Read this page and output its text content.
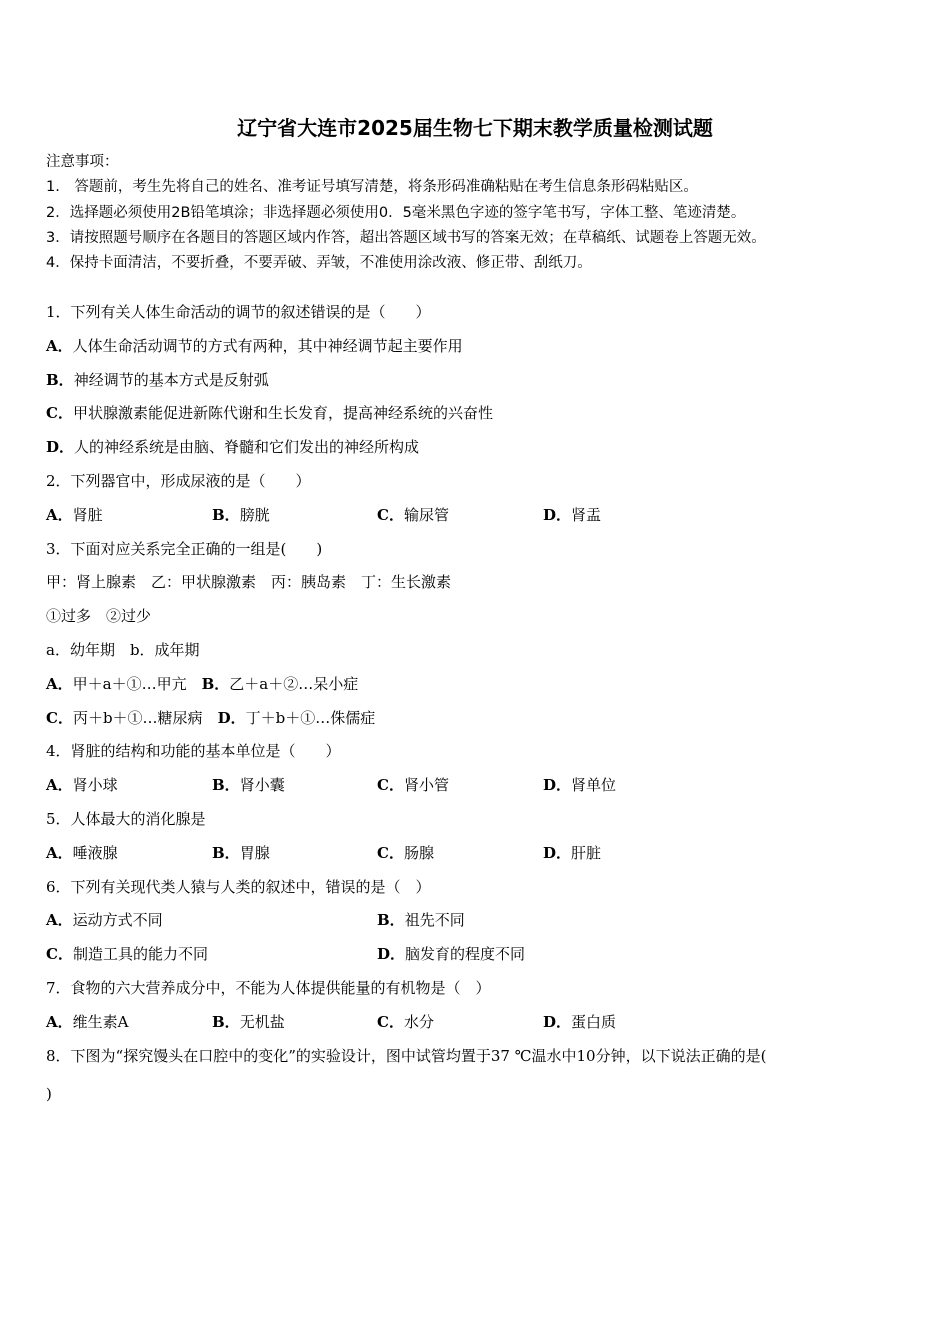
辽宁省大连市2025届生物七下期末教学质量检测试题
注意事项：
1.　答题前，考生先将自己的姓名、准考证号填写清楚，将条形码准确粘贴在考生信息条形码粘贴区。
2．选择题必须使用2B铅笔填涂；非选择题必须使用0．5毫米黑色字迹的签字笔书写，字体工整、笔迹清楚。
3．请按照题号顺序在各题目的答题区域内作答，超出答题区域书写的答案无效；在草稿纸、试题卷上答题无效。
4．保持卡面清洁，不要折叠，不要弄破、弄皱，不准使用涂改液、修正带、刮纸刀。
1．下列有关人体生命活动的调节的叙述错误的是（　　）
A．人体生命活动调节的方式有两种，其中神经调节起主要作用
B．神经调节的基本方式是反射弧
C．甲状腺激素能促进新陈代谢和生长发育，提高神经系统的兴奋性
D．人的神经系统是由脑、脊髓和它们发出的神经所构成
2．下列器官中，形成尿液的是（　　）
A．肾脏	B．膀胱	C．输尿管	D．肾盂
3．下面对应关系完全正确的一组是(　　)
甲：肾上腺素　乙：甲状腺激素　丙：胰岛素　丁：生长激素
①过多　②过少
a．幼年期　b．成年期
A．甲＋a＋①…甲亢　 B．乙＋a＋②…呆小症
C．丙＋b＋①…糖尿病　 D．丁＋b＋①…侏儒症
4．肾脏的结构和功能的基本单位是（　　）
A．肾小球	B．肾小囊	C．肾小管	D．肾单位
5．人体最大的消化腺是
A．唾液腺	B．胃腺	C．肠腺	D．肝脏
6．下列有关现代类人猿与人类的叙述中，错误的是（　）
A．运动方式不同	B．祖先不同
C．制造工具的能力不同	D．脑发育的程度不同
7．食物的六大营养成分中，不能为人体提供能量的有机物是（　）
A．维生素A	B．无机盐	C．水分	D．蛋白质
8．下图为“探究馒头在口腔中的变化”的实验设计，图中试管均置于37 ℃温水中10分钟，以下说法正确的是(
)
